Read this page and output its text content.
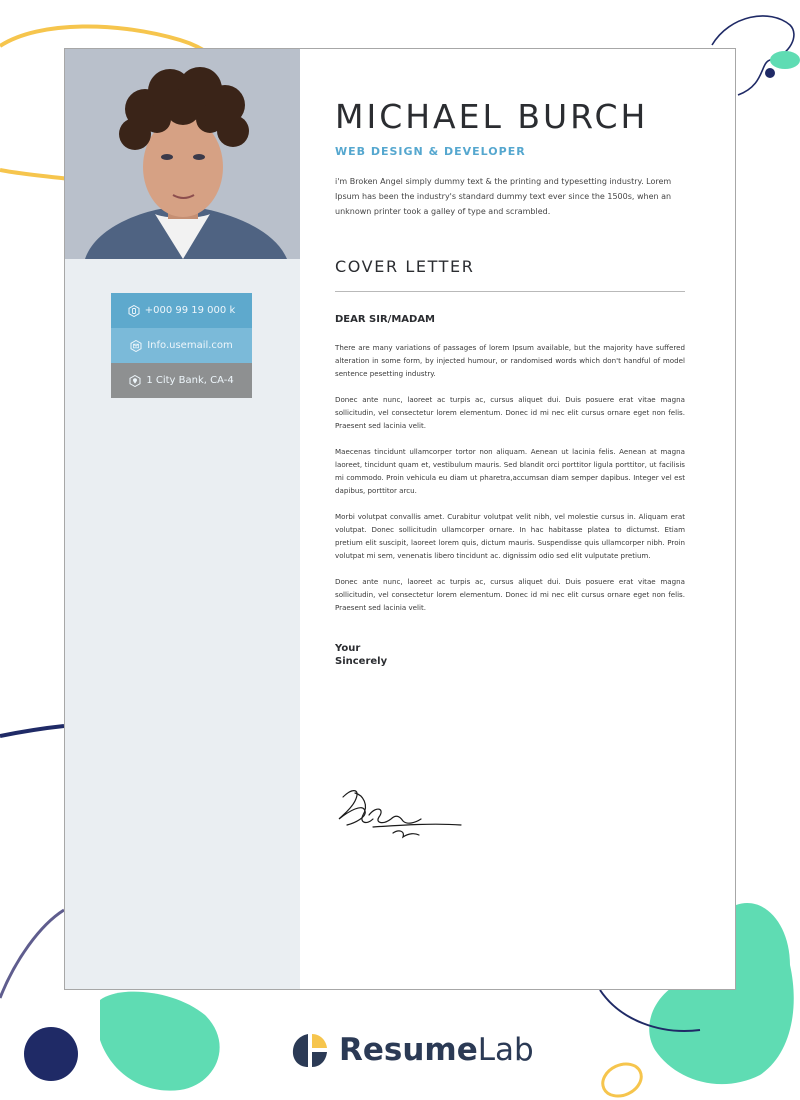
+000 99 19 000 k
Info.usemail.com
1 City Bank, CA-4
MICHAEL BURCH
WEB DESIGN & DEVELOPER
i'm Broken Angel simply dummy text & the printing and typesetting industry. Lorem Ipsum has been the industry's standard dummy text ever since the 1500s, when an unknown printer took a galley of type and scrambled.
COVER LETTER
DEAR SIR/MADAM

There are many variations of passages of lorem Ipsum available, but the majority have suffered alteration in some form, by injected humour, or randomised words which don't handful of model sentence pesetting industry.

Donec ante nunc, laoreet ac turpis ac, cursus aliquet dui. Duis posuere erat vitae magna sollicitudin, vel consectetur lorem elementum. Donec id mi nec elit cursus ornare eget non felis. Praesent sed lacinia velit.

Maecenas tincidunt ullamcorper tortor non aliquam. Aenean ut lacinia felis. Aenean at magna laoreet, tincidunt quam et, vestibulum mauris. Sed blandit orci porttitor ligula porttitor, ut facilisis mi commodo. Proin vehicula eu diam ut pharetra,accumsan diam semper dapibus. Integer vel est dapibus, porttitor arcu.

Morbi volutpat convallis amet. Curabitur volutpat velit nibh, vel molestie cursus in. Aliquam erat volutpat. Donec sollicitudin ullamcorper ornare. In hac habitasse platea to dictumst. Etiam pretium elit suscipit, laoreet lorem quis, dictum mauris. Suspendisse quis ullamcorper nibh. Proin volutpat mi sem, venenatis libero tincidunt ac. dignissim odio sed elit vulputate pretium.

Donec ante nunc, laoreet ac turpis ac, cursus aliquet dui. Duis posuere erat vitae magna sollicitudin, vel consectetur lorem elementum. Donec id mi nec elit cursus ornare eget non felis. Praesent sed lacinia velit.

Your
Sincerely
ResumeLab
